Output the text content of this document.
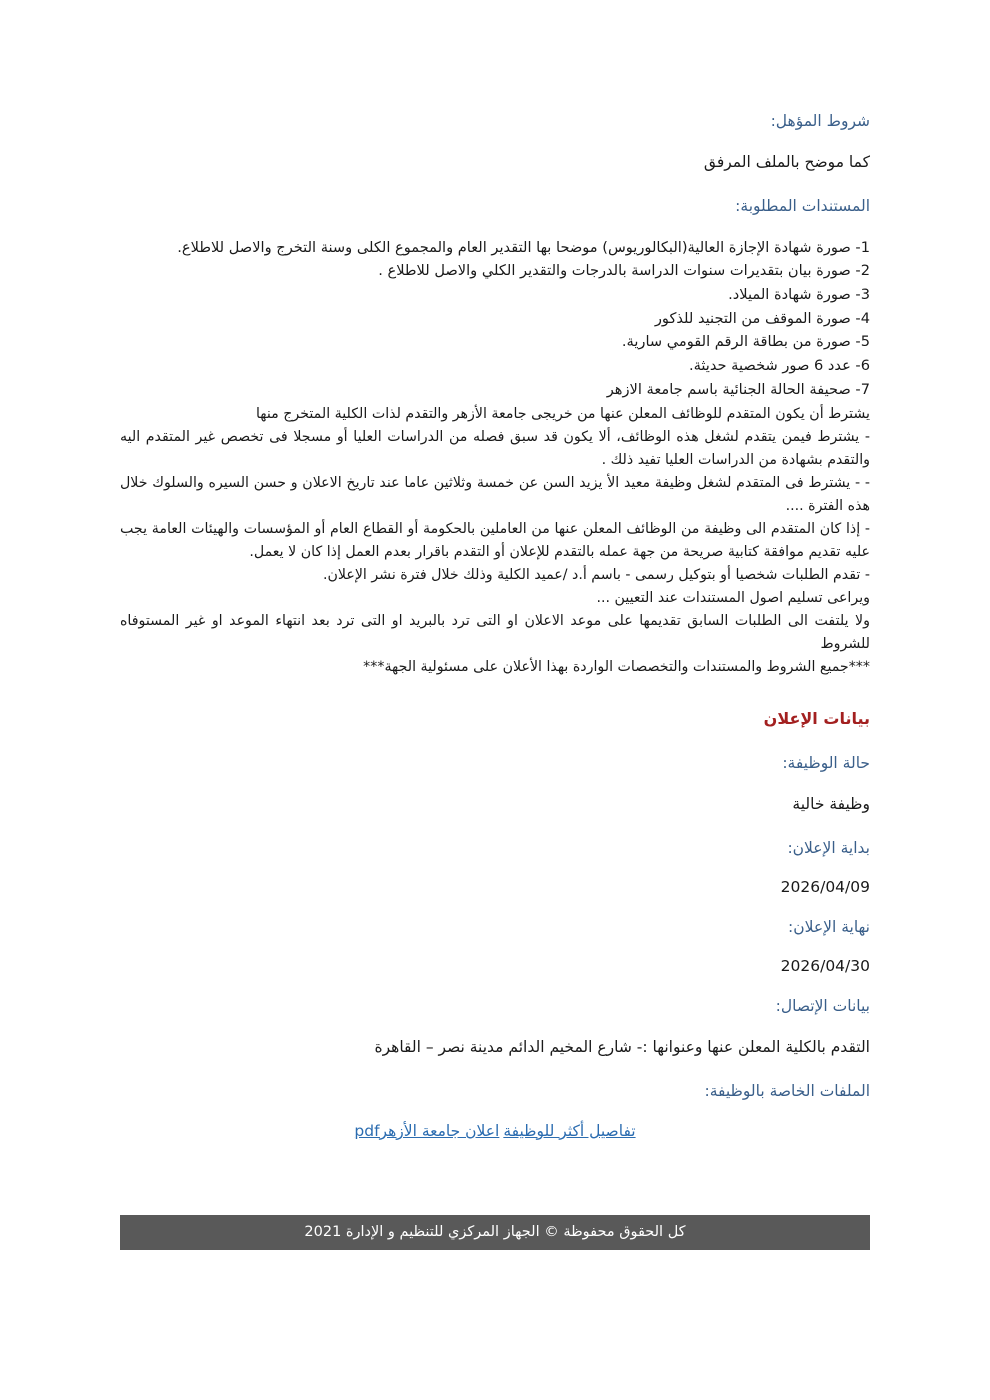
شروط المؤهل:

كما موضح بالملف المرفق

المستندات المطلوبة:

1- صورة شهادة الإجازة العالية(البكالوريوس) موضحا بها التقدير العام والمجموع الكلى وسنة التخرج والاصل للاطلاع.
2- صورة بيان بتقديرات سنوات الدراسة بالدرجات والتقدير الكلي والاصل للاطلاع .
3- صورة شهادة الميلاد.
4- صورة الموقف من التجنيد للذكور
5- صورة من بطاقة الرقم القومي سارية.
6- عدد 6 صور شخصية حديثة.
7- صحيفة الحالة الجنائية باسم جامعة الازهر

يشترط أن يكون المتقدم للوظائف المعلن عنها من خريجى جامعة الأزهر والتقدم لذات الكلية المتخرج منها

- يشترط فيمن يتقدم لشغل هذه الوظائف، ألا يكون قد سبق فصله من الدراسات العليا أو مسجلا فى تخصص غير المتقدم اليه والتقدم بشهادة من الدراسات العليا تفيد ذلك .

- - يشترط فى المتقدم لشغل وظيفة معيد الأ يزيد السن عن خمسة وثلاثين عاما عند تاريخ الاعلان و حسن السيره والسلوك خلال هذه الفترة ....

- إذا كان المتقدم الى وظيفة من الوظائف المعلن عنها من العاملين بالحكومة أو القطاع العام أو المؤسسات والهيئات العامة يجب عليه تقديم موافقة كتابية صريحة من جهة عمله بالتقدم للإعلان أو التقدم باقرار بعدم العمل إذا كان لا يعمل.

- تقدم الطلبات شخصيا أو بتوكيل رسمى - باسم أ.د /عميد الكلية وذلك خلال فترة نشر الإعلان.

ويراعى تسليم اصول المستندات عند التعيين ...

ولا يلتفت الى الطلبات السابق تقديمها على موعد الاعلان او التى ترد بالبريد او التى ترد بعد انتهاء الموعد او غير المستوفاه للشروط

***جميع الشروط والمستندات والتخصصات الواردة بهذا الأعلان على مسئولية الجهة***

بيانات الإعلان

حالة الوظيفة:

وظيفة خالية

بداية الإعلان:

2026/04/09

نهاية الإعلان:

2026/04/30

بيانات الإتصال:

التقدم بالكلية المعلن عنها وعنوانها :- شارع المخيم الدائم مدينة نصر – القاهرة

الملفات الخاصة بالوظيفة:

تفاصيل أكثر للوظيفةاعلان جامعة الأزهرpdf

كل الحقوق محفوظة © الجهاز المركزي للتنظيم و الإدارة 2021
